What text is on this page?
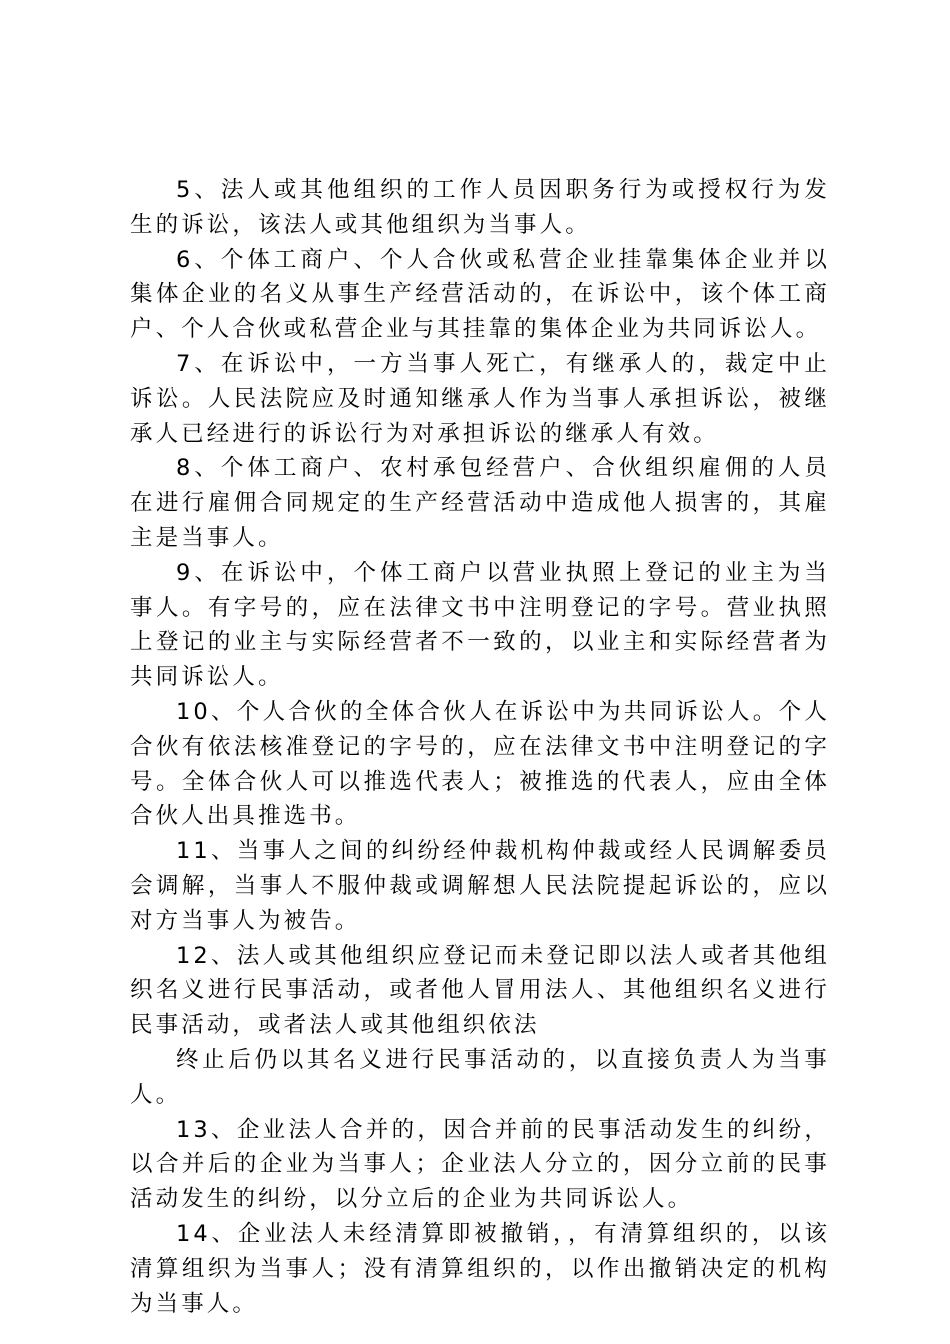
5、法人或其他组织的工作人员因职务行为或授权行为发生的诉讼，该法人或其他组织为当事人。

6、个体工商户、个人合伙或私营企业挂靠集体企业并以集体企业的名义从事生产经营活动的，在诉讼中，该个体工商户、个人合伙或私营企业与其挂靠的集体企业为共同诉讼人。

7、在诉讼中，一方当事人死亡，有继承人的，裁定中止诉讼。人民法院应及时通知继承人作为当事人承担诉讼，被继承人已经进行的诉讼行为对承担诉讼的继承人有效。

8、个体工商户、农村承包经营户、合伙组织雇佣的人员在进行雇佣合同规定的生产经营活动中造成他人损害的，其雇主是当事人。

9、在诉讼中，个体工商户以营业执照上登记的业主为当事人。有字号的，应在法律文书中注明登记的字号。营业执照上登记的业主与实际经营者不一致的，以业主和实际经营者为共同诉讼人。

10、个人合伙的全体合伙人在诉讼中为共同诉讼人。个人合伙有依法核准登记的字号的，应在法律文书中注明登记的字号。全体合伙人可以推选代表人；被推选的代表人，应由全体合伙人出具推选书。

11、当事人之间的纠纷经仲裁机构仲裁或经人民调解委员会调解，当事人不服仲裁或调解想人民法院提起诉讼的，应以对方当事人为被告。

12、法人或其他组织应登记而未登记即以法人或者其他组织名义进行民事活动，或者他人冒用法人、其他组织名义进行民事活动，或者法人或其他组织依法

终止后仍以其名义进行民事活动的，以直接负责人为当事人。

13、企业法人合并的，因合并前的民事活动发生的纠纷，以合并后的企业为当事人；企业法人分立的，因分立前的民事活动发生的纠纷，以分立后的企业为共同诉讼人。

14、企业法人未经清算即被撤销，，有清算组织的，以该清算组织为当事人；没有清算组织的，以作出撤销决定的机构为当事人。
